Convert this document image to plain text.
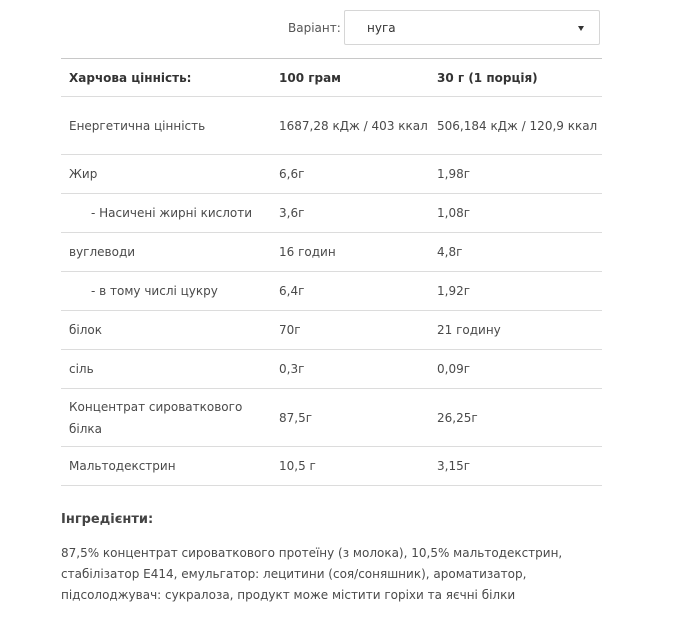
Варіант: нуга
Харчова цінність:	100 грам	30 г (1 порція)
Енергетична цінність	1687,28 кДж / 403 ккал	506,184 кДж / 120,9 ккал
Жир	6,6г	1,98г
- Насичені жирні кислоти	3,6г	1,08г
вуглеводи	16 годин	4,8г
- в тому числі цукру	6,4г	1,92г
білок	70г	21 годину
сіль	0,3г	0,09г
Концентрат сироваткового білка	87,5г	26,25г
Мальтодекстрин	10,5 г	3,15г
Інгредієнти:

87,5% концентрат сироваткового протеїну (з молока), 10,5% мальтодекстрин, стабілізатор Е414, емульгатор: лецитини (соя/соняшник), ароматизатор, підсолоджувач: сукралоза, продукт може містити горіхи та яєчні білки
